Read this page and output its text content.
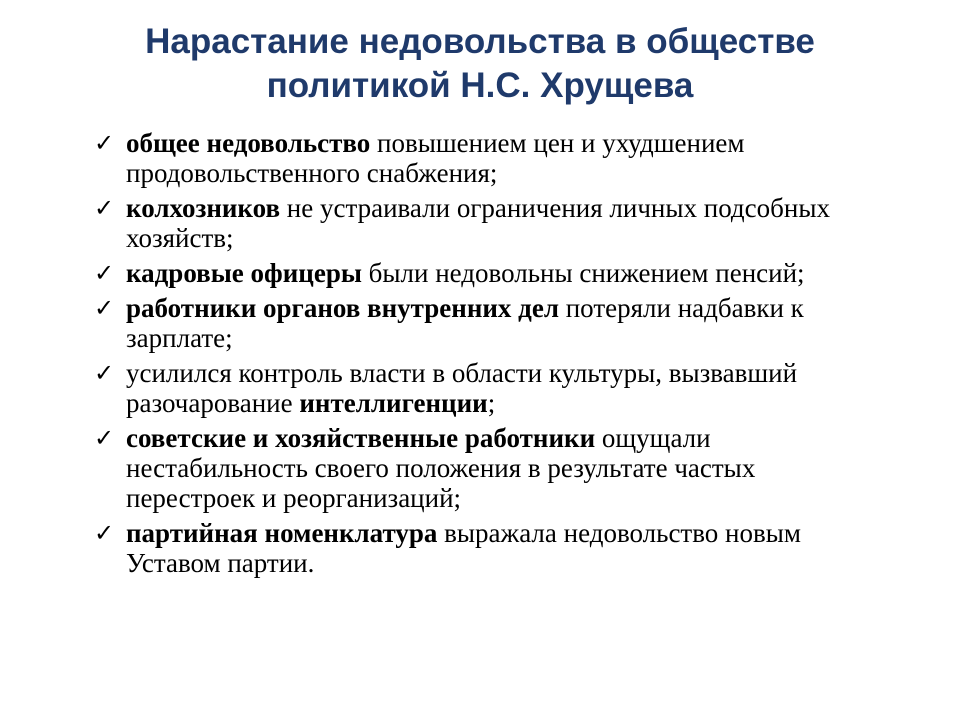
Нарастание недовольства в обществе
политикой Н.С. Хрущева
✓ общее недовольство повышением цен и ухудшением продовольственного снабжения;
✓ колхозников не устраивали ограничения личных подсобных хозяйств;
✓ кадровые офицеры были недовольны снижением пенсий;
✓ работники органов внутренних дел потеряли надбавки к зарплате;
✓ усилился контроль власти в области культуры, вызвавший разочарование интеллигенции;
✓ советские и хозяйственные работники ощущали нестабильность своего положения в результате частых перестроек и реорганизаций;
✓ партийная номенклатура выражала недовольство новым Уставом партии.
